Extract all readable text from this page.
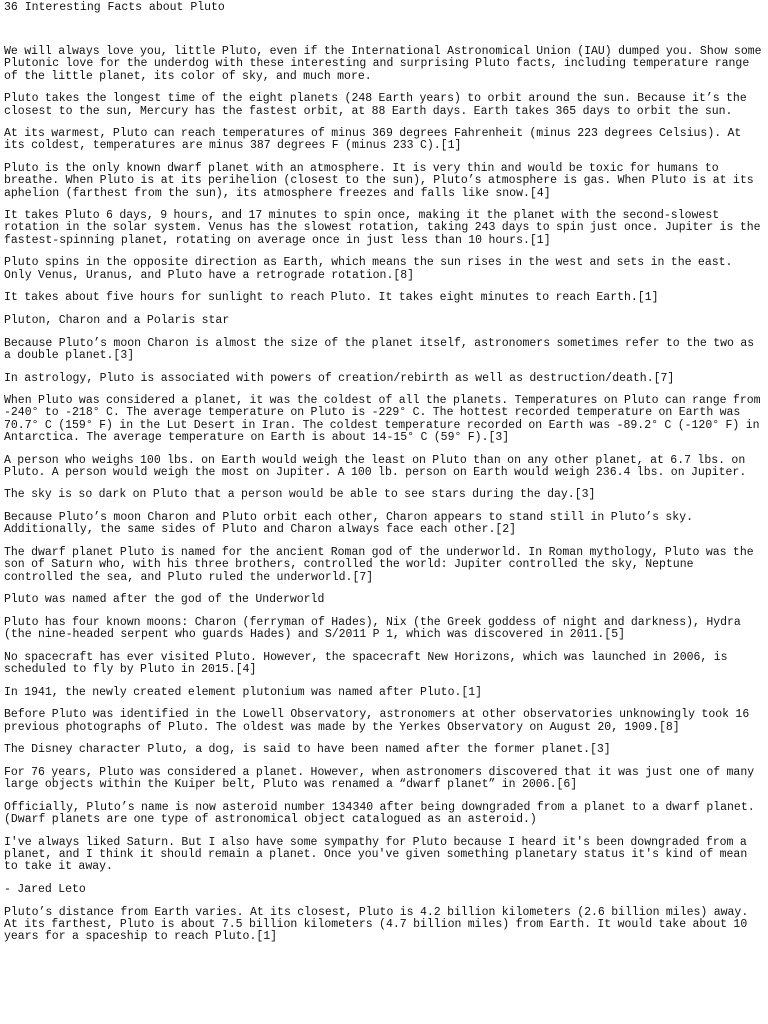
36 Interesting Facts about Pluto

We will always love you, little Pluto, even if the International Astronomical Union (IAU) dumped you. Show some Plutonic love for the underdog with these interesting and surprising Pluto facts, including temperature range of the little planet, its color of sky, and much more.

Pluto takes the longest time of the eight planets (248 Earth years) to orbit around the sun. Because it’s the closest to the sun, Mercury has the fastest orbit, at 88 Earth days. Earth takes 365 days to orbit the sun.

At its warmest, Pluto can reach temperatures of minus 369 degrees Fahrenheit (minus 223 degrees Celsius). At its coldest, temperatures are minus 387 degrees F (minus 233 C).[1]

Pluto is the only known dwarf planet with an atmosphere. It is very thin and would be toxic for humans to breathe. When Pluto is at its perihelion (closest to the sun), Pluto’s atmosphere is gas. When Pluto is at its aphelion (farthest from the sun), its atmosphere freezes and falls like snow.[4]

It takes Pluto 6 days, 9 hours, and 17 minutes to spin once, making it the planet with the second-slowest rotation in the solar system. Venus has the slowest rotation, taking 243 days to spin just once. Jupiter is the fastest-spinning planet, rotating on average once in just less than 10 hours.[1]

Pluto spins in the opposite direction as Earth, which means the sun rises in the west and sets in the east. Only Venus, Uranus, and Pluto have a retrograde rotation.[8]

It takes about five hours for sunlight to reach Pluto. It takes eight minutes to reach Earth.[1]

Pluton, Charon and a Polaris star

Because Pluto’s moon Charon is almost the size of the planet itself, astronomers sometimes refer to the two as a double planet.[3]

In astrology, Pluto is associated with powers of creation/rebirth as well as destruction/death.[7]

When Pluto was considered a planet, it was the coldest of all the planets. Temperatures on Pluto can range from -240° to -218° C. The average temperature on Pluto is -229° C. The hottest recorded temperature on Earth was 70.7° C (159° F) in the Lut Desert in Iran. The coldest temperature recorded on Earth was -89.2° C (-120° F) in Antarctica. The average temperature on Earth is about 14-15° C (59° F).[3]

A person who weighs 100 lbs. on Earth would weigh the least on Pluto than on any other planet, at 6.7 lbs. on Pluto. A person would weigh the most on Jupiter. A 100 lb. person on Earth would weigh 236.4 lbs. on Jupiter.

The sky is so dark on Pluto that a person would be able to see stars during the day.[3]

Because Pluto’s moon Charon and Pluto orbit each other, Charon appears to stand still in Pluto’s sky. Additionally, the same sides of Pluto and Charon always face each other.[2]

The dwarf planet Pluto is named for the ancient Roman god of the underworld. In Roman mythology, Pluto was the son of Saturn who, with his three brothers, controlled the world: Jupiter controlled the sky, Neptune controlled the sea, and Pluto ruled the underworld.[7]

Pluto was named after the god of the Underworld

Pluto has four known moons: Charon (ferryman of Hades), Nix (the Greek goddess of night and darkness), Hydra (the nine-headed serpent who guards Hades) and S/2011 P 1, which was discovered in 2011.[5]

No spacecraft has ever visited Pluto. However, the spacecraft New Horizons, which was launched in 2006, is scheduled to fly by Pluto in 2015.[4]

In 1941, the newly created element plutonium was named after Pluto.[1]

Before Pluto was identified in the Lowell Observatory, astronomers at other observatories unknowingly took 16 previous photographs of Pluto. The oldest was made by the Yerkes Observatory on August 20, 1909.[8]

The Disney character Pluto, a dog, is said to have been named after the former planet.[3]

For 76 years, Pluto was considered a planet. However, when astronomers discovered that it was just one of many large objects within the Kuiper belt, Pluto was renamed a “dwarf planet” in 2006.[6]

Officially, Pluto’s name is now asteroid number 134340 after being downgraded from a planet to a dwarf planet. (Dwarf planets are one type of astronomical object catalogued as an asteroid.)

I've always liked Saturn. But I also have some sympathy for Pluto because I heard it's been downgraded from a planet, and I think it should remain a planet. Once you've given something planetary status it's kind of mean to take it away.

- Jared Leto

Pluto’s distance from Earth varies. At its closest, Pluto is 4.2 billion kilometers (2.6 billion miles) away. At its farthest, Pluto is about 7.5 billion kilometers (4.7 billion miles) from Earth. It would take about 10 years for a spaceship to reach Pluto.[1]
